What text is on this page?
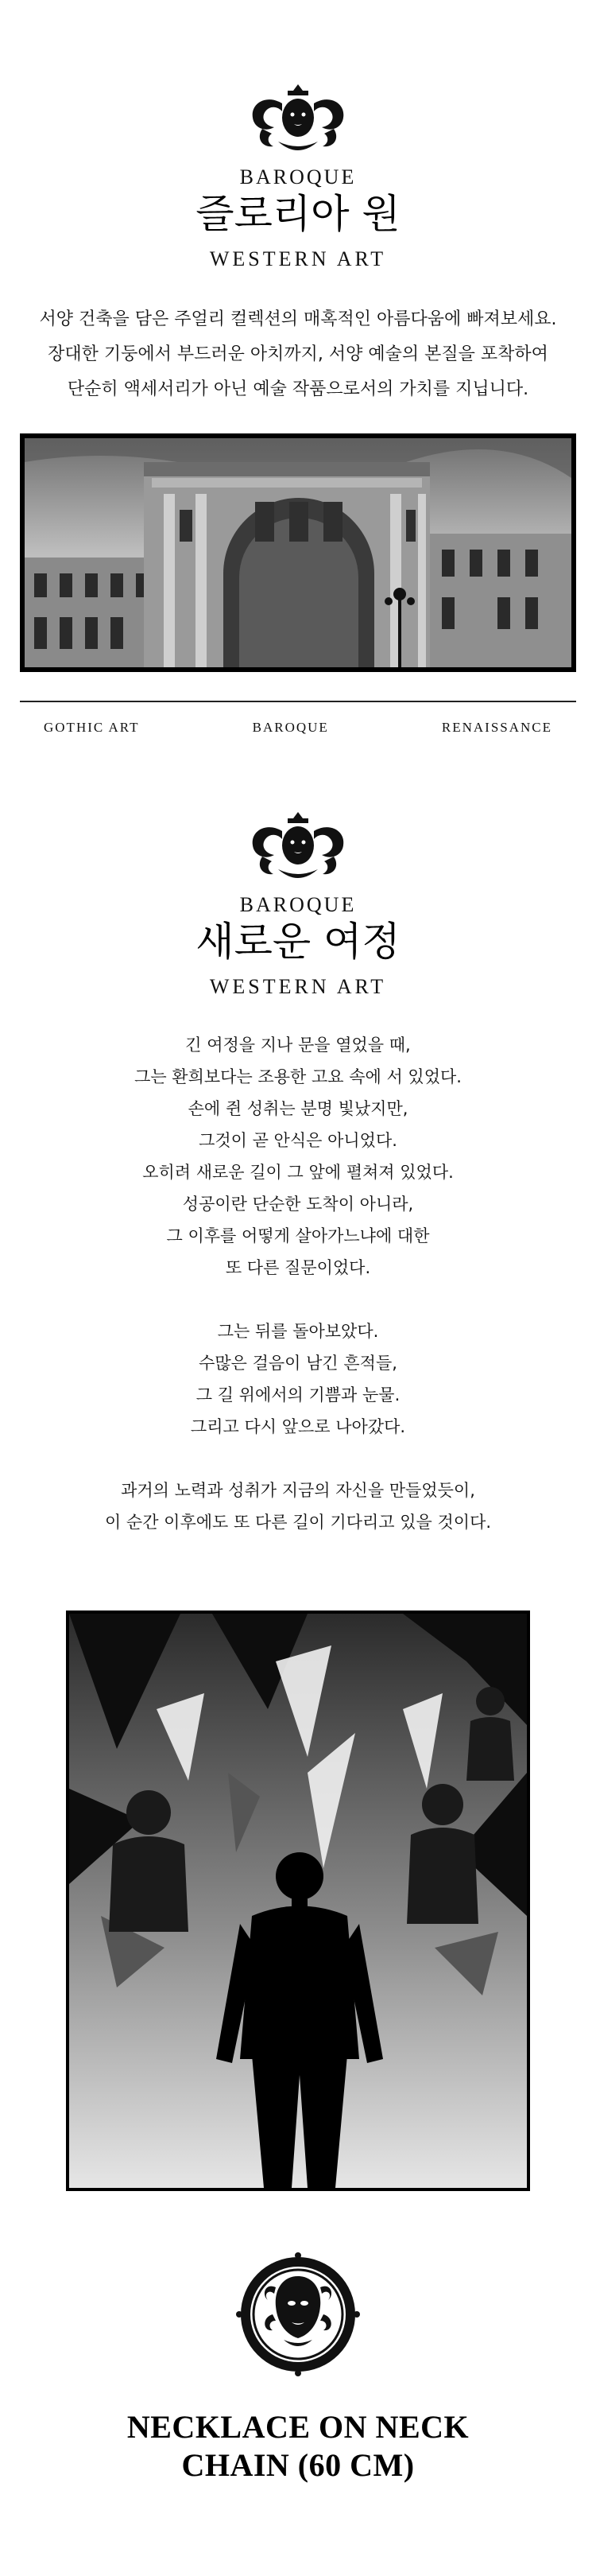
BAROQUE
즐로리아 원
WESTERN ART

서양 건축을 담은 주얼리 컬렉션의 매혹적인 아름다움에 빠져보세요.

장대한 기둥에서 부드러운 아치까지, 서양 예술의 본질을 포착하여

단순히 액세서리가 아닌 예술 작품으로서의 가치를 지닙니다.

GOTHIC ART	BAROQUE	RENAISSANCE
BAROQUE
새로운 여정
WESTERN ART

긴 여정을 지나 문을 열었을 때,

그는 환희보다는 조용한 고요 속에 서 있었다.

손에 쥔 성취는 분명 빛났지만,

그것이 곧 안식은 아니었다.

오히려 새로운 길이 그 앞에 펼쳐져 있었다.

성공이란 단순한 도착이 아니라,

그 이후를 어떻게 살아가느냐에 대한

또 다른 질문이었다.

그는 뒤를 돌아보았다.

수많은 걸음이 남긴 흔적들,

그 길 위에서의 기쁨과 눈물.

그리고 다시 앞으로 나아갔다.

과거의 노력과 성취가 지금의 자신을 만들었듯이,

이 순간 이후에도 또 다른 길이 기다리고 있을 것이다.

NECKLACE ON NECK
CHAIN (60 CM)
